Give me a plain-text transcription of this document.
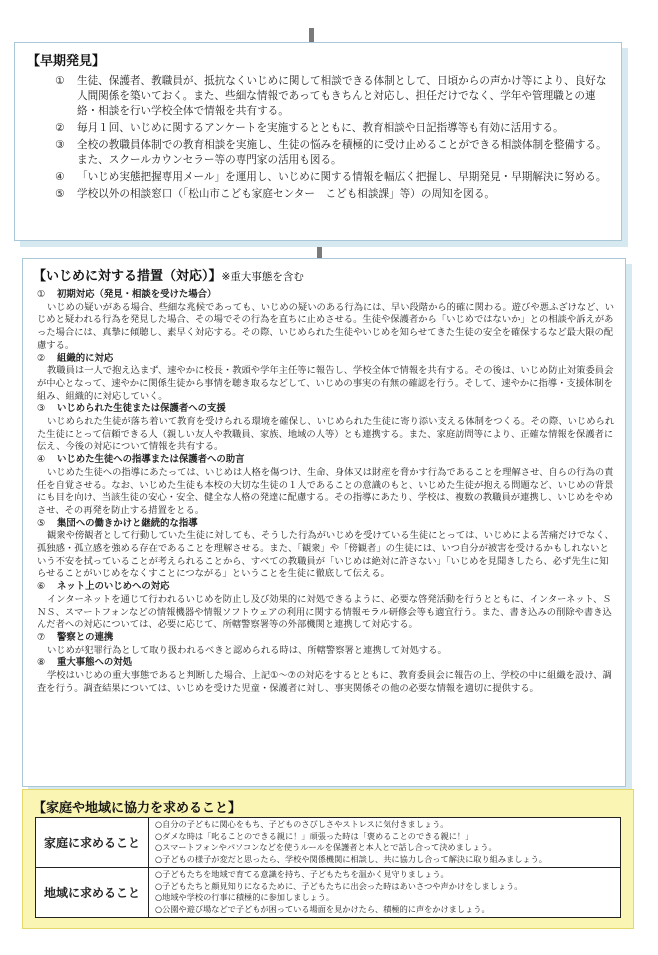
【早期発見】
① 生徒、保護者、教職員が、抵抗なくいじめに関して相談できる体制として、日頃からの声かけ等により、良好な人間関係を築いておく。また、些細な情報であってもきちんと対応し、担任だけでなく、学年や管理職との連絡・相談を行い学校全体で情報を共有する。
② 毎月１回、いじめに関するアンケートを実施するとともに、教育相談や日記指導等も有効に活用する。
③ 全校の教職員体制での教育相談を実施し、生徒の悩みを積極的に受け止めることができる相談体制を整備する。また、スクールカウンセラー等の専門家の活用も図る。
④ 「いじめ実態把握専用メール」を運用し、いじめに関する情報を幅広く把握し、早期発見・早期解決に努める。
⑤ 学校以外の相談窓口（「松山市こども家庭センター　こども相談課」等）の周知を図る。
【いじめに対する措置（対応）】※重大事態を含む
① 初期対応（発見・相談を受けた場合）
いじめの疑いがある場合、些細な兆候であっても、いじめの疑いのある行為には、早い段階から的確に関わる。遊びや悪ふざけなど、いじめと疑われる行為を発見した場合、その場でその行為を直ちに止めさせる。生徒や保護者から「いじめではないか」との相談や訴えがあった場合には、真摯に傾聴し、素早く対応する。その際、いじめられた生徒やいじめを知らせてきた生徒の安全を確保するなど最大限の配慮する。
② 組織的に対応
教職員は一人で抱え込まず、速やかに校長・教頭や学年主任等に報告し、学校全体で情報を共有する。その後は、いじめ防止対策委員会が中心となって、速やかに関係生徒から事情を聴き取るなどして、いじめの事実の有無の確認を行う。そして、速やかに指導・支援体制を組み、組織的に対応していく。
③ いじめられた生徒または保護者への支援
いじめられた生徒が落ち着いて教育を受けられる環境を確保し、いじめられた生徒に寄り添い支える体制をつくる。その際、いじめられた生徒にとって信頼できる人（親しい友人や教職員、家族、地域の人等）とも連携する。また、家庭訪問等により、正確な情報を保護者に伝え、今後の対応について情報を共有する。
④ いじめた生徒への指導または保護者への助言
いじめた生徒への指導にあたっては、いじめは人格を傷つけ、生命、身体又は財産を脅かす行為であることを理解させ、自らの行為の責任を自覚させる。なお、いじめた生徒も本校の大切な生徒の１人であることの意識のもと、いじめた生徒が抱える問題など、いじめの背景にも目を向け、当該生徒の安心・安全、健全な人格の発達に配慮する。その指導にあたり、学校は、複数の教職員が連携し、いじめをやめさせ、その再発を防止する措置をとる。
⑤ 集団への働きかけと継続的な指導
観衆や傍観者として行動していた生徒に対しても、そうした行為がいじめを受けている生徒にとっては、いじめによる苦痛だけでなく、孤独感・孤立感を強める存在であることを理解させる。また、「観衆」や「傍観者」の生徒には、いつ自分が被害を受けるかもしれないという不安を拭っていることが考えられることから、すべての教職員が「いじめは絶対に許さない」「いじめを見聞きしたら、必ず先生に知らせることがいじめをなくすことにつながる」ということを生徒に徹底して伝える。
⑥ ネット上のいじめへの対応
インターネットを通じて行われるいじめを防止し及び効果的に対処できるように、必要な啓発活動を行うとともに、インターネット、ＳＮＳ、スマートフォンなどの情報機器や情報ソフトウェアの利用に関する情報モラル研修会等も適宜行う。また、書き込みの削除や書き込んだ者への対応については、必要に応じて、所轄警察署等の外部機関と連携して対応する。
⑦ 警察との連携
いじめが犯罪行為として取り扱われるべきと認められる時は、所轄警察署と連携して対処する。
⑧ 重大事態への対処
学校はいじめの重大事態であると判断した場合、上記①～⑦の対応をするとともに、教育委員会に報告の上、学校の中に組織を設け、調査を行う。調査結果については、いじめを受けた児童・保護者に対し、事実関係その他の必要な情報を適切に提供する。
【家庭や地域に協力を求めること】
家庭に求めること	○自分の子どもに関心をもち、子どものさびしさやストレスに気付きましょう。
○ダメな時は「叱ることのできる親に！」頑張った時は「褒めることのできる親に！」
○スマートフォンやパソコンなどを使うルールを保護者と本人とで話し合って決めましょう。
○子どもの様子が変だと思ったら、学校や関係機関に相談し、共に協力し合って解決に取り組みましょう。

地域に求めること	○子どもたちを地域で育てる意識を持ち、子どもたちを温かく見守りましょう。
○子どもたちと顔見知りになるために、子どもたちに出会った時はあいさつや声かけをしましょう。
○地域や学校の行事に積極的に参加しましょう。
○公園や遊び場などで子どもが困っている場面を見かけたら、積極的に声をかけましょう。
